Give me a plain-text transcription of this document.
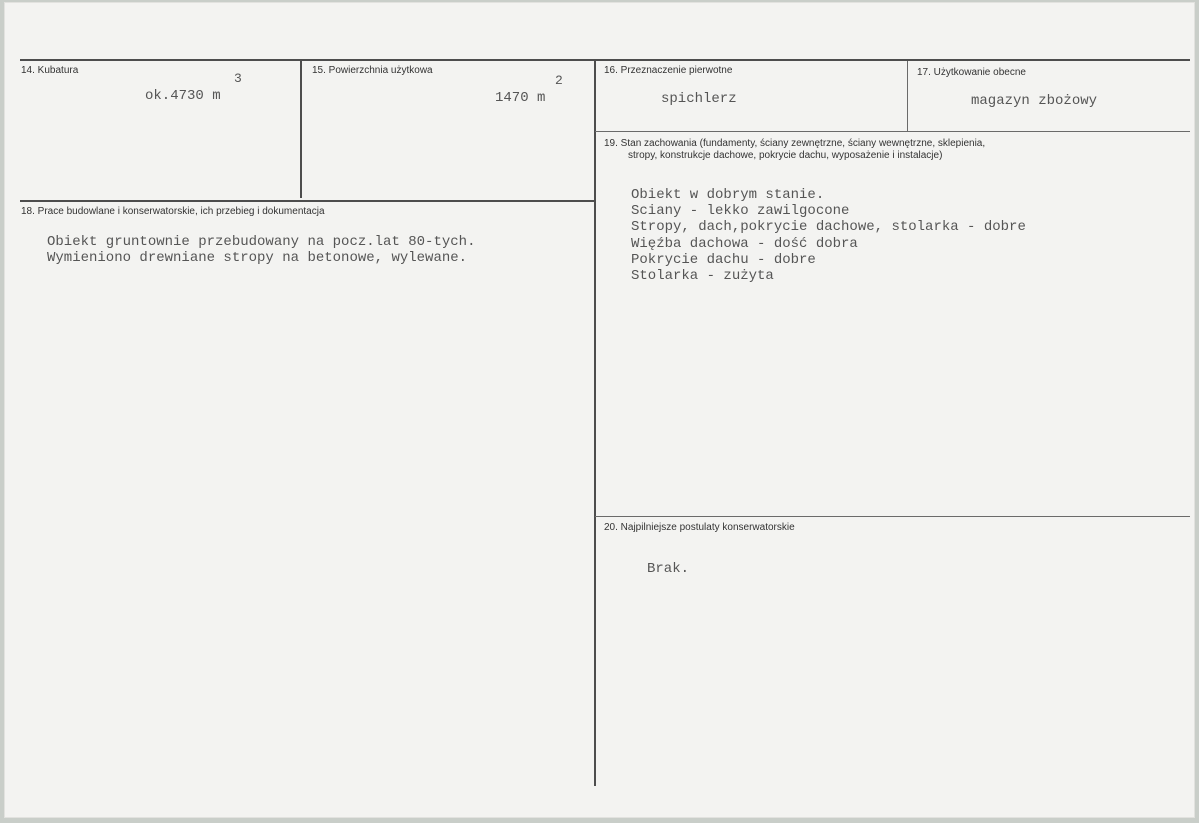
14. Kubatura
3
ok.4730 m
15. Powierzchnia użytkowa
2
1470 m
16. Przeznaczenie pierwotne
spichlerz
17. Użytkowanie obecne
magazyn zbożowy
19. Stan zachowania (fundamenty, ściany zewnętrzne, ściany wewnętrzne, sklepienia,
stropy, konstrukcje dachowe, pokrycie dachu, wyposażenie i instalacje)
Obiekt w dobrym stanie.
Sciany - lekko zawilgocone
Stropy, dach,pokrycie dachowe, stolarka - dobre
Więźba dachowa - dość dobra
Pokrycie dachu - dobre
Stolarka - zużyta
18. Prace budowlane i konserwatorskie, ich przebieg i dokumentacja
Obiekt gruntownie przebudowany na pocz.lat 80-tych.
Wymieniono drewniane stropy na betonowe, wylewane.
20. Najpilniejsze postulaty konserwatorskie
Brak.
